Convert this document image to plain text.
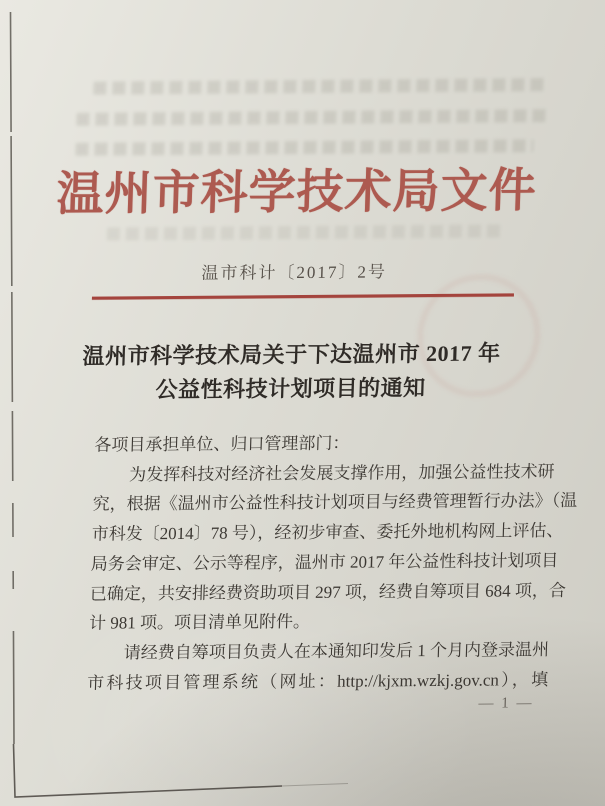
温州市科学技术局文件
温市科计〔2017〕2号
温州市科学技术局关于下达温州市 2017 年
公益性科技计划项目的通知
各项目承担单位、归口管理部门：
为发挥科技对经济社会发展支撑作用，加强公益性技术研
究，根据《温州市公益性科技计划项目与经费管理暂行办法》（温
市科发〔2014〕78 号），经初步审查、委托外地机构网上评估、
局务会审定、公示等程序，温州市 2017 年公益性科技计划项目
已确定，共安排经费资助项目 297 项，经费自筹项目 684 项，合
计 981 项。项目清单见附件。
请经费自筹项目负责人在本通知印发后 1 个月内登录温州
市科技项目管理系统（网址：http://kjxm.wzkj.gov.cn），填
— 1 —
